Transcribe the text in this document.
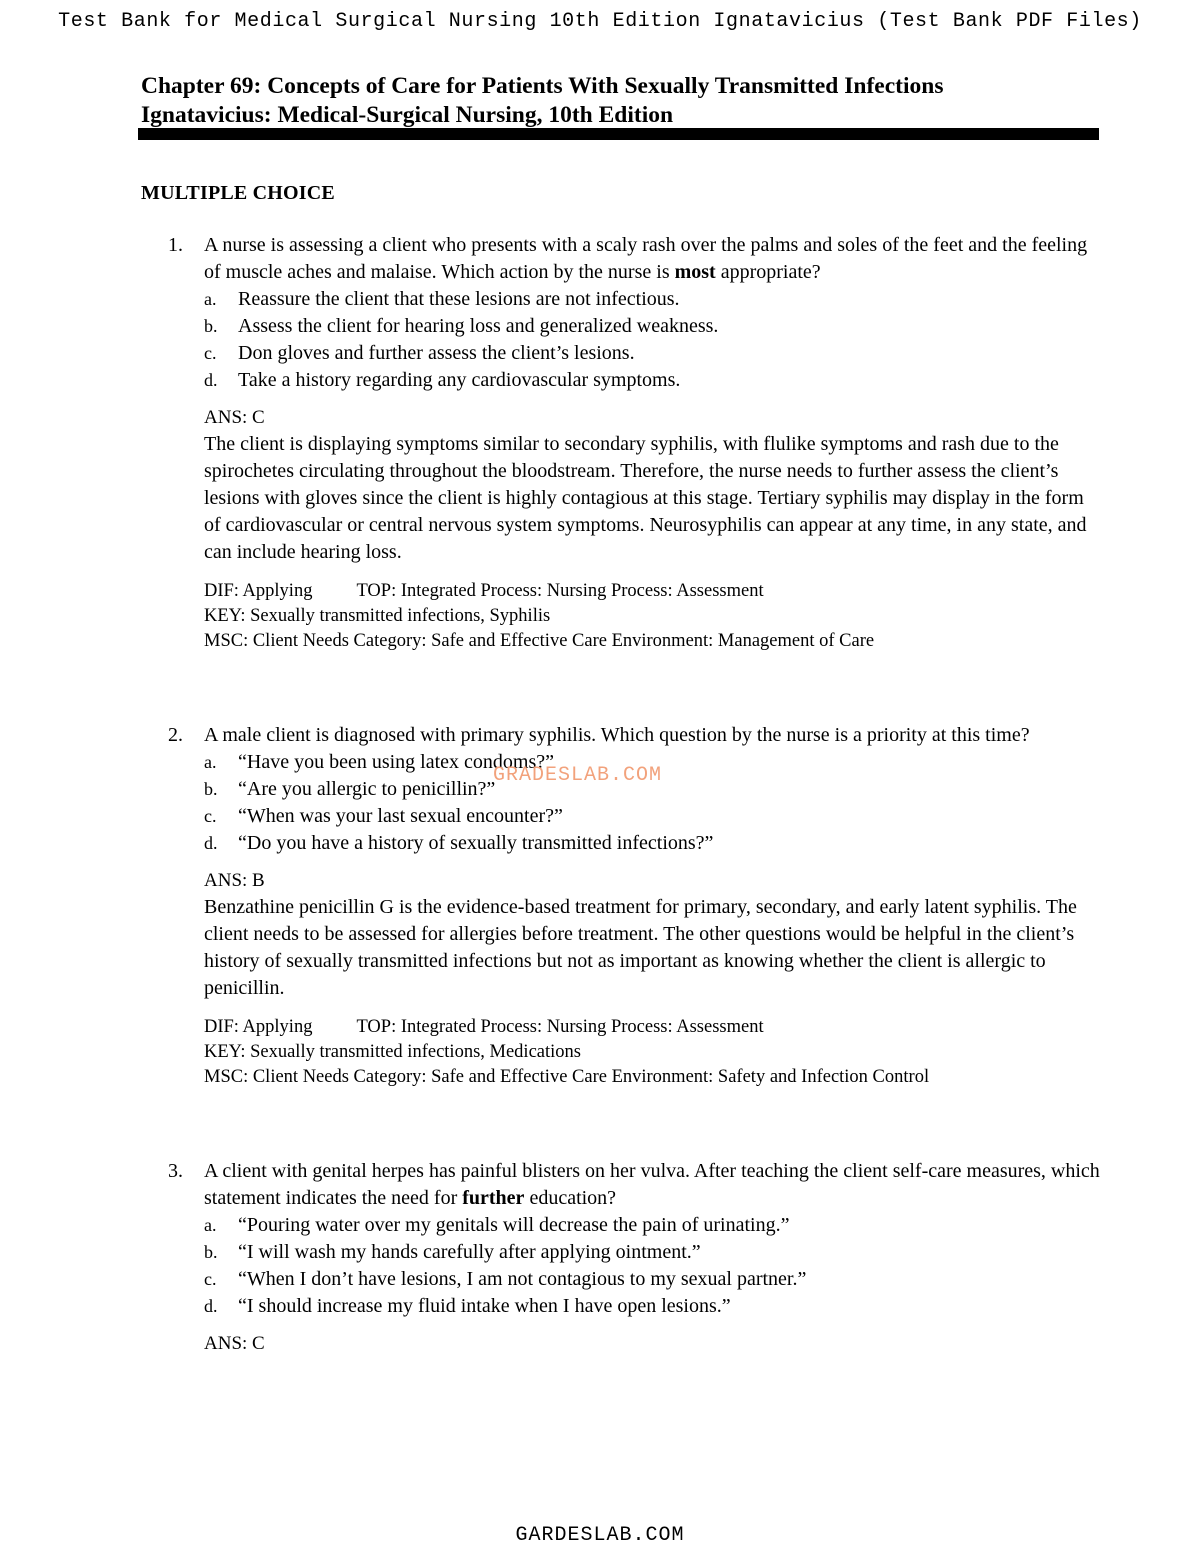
Test Bank for Medical Surgical Nursing 10th Edition Ignatavicius (Test Bank PDF Files)
Chapter 69: Concepts of Care for Patients With Sexually Transmitted Infections
Ignatavicius: Medical-Surgical Nursing, 10th Edition
MULTIPLE CHOICE
1.	A nurse is assessing a client who presents with a scaly rash over the palms and soles of the feet and the feeling of muscle aches and malaise. Which action by the nurse is most appropriate?
a.	Reassure the client that these lesions are not infectious.
b.	Assess the client for hearing loss and generalized weakness.
c.	Don gloves and further assess the client’s lesions.
d.	Take a history regarding any cardiovascular symptoms.
ANS: C
The client is displaying symptoms similar to secondary syphilis, with flulike symptoms and rash due to the spirochetes circulating throughout the bloodstream. Therefore, the nurse needs to further assess the client’s lesions with gloves since the client is highly contagious at this stage. Tertiary syphilis may display in the form of cardiovascular or central nervous system symptoms. Neurosyphilis can appear at any time, in any state, and can include hearing loss.
DIF: Applying TOP: Integrated Process: Nursing Process: Assessment
KEY: Sexually transmitted infections, Syphilis
MSC: Client Needs Category: Safe and Effective Care Environment: Management of Care
2.	A male client is diagnosed with primary syphilis. Which question by the nurse is a priority at this time?
a.	“Have you been using latex condoms?”
b.	“Are you allergic to penicillin?”
c.	“When was your last sexual encounter?”
d.	“Do you have a history of sexually transmitted infections?”
ANS: B
Benzathine penicillin G is the evidence-based treatment for primary, secondary, and early latent syphilis. The client needs to be assessed for allergies before treatment. The other questions would be helpful in the client’s history of sexually transmitted infections but not as important as knowing whether the client is allergic to penicillin.
DIF: Applying TOP: Integrated Process: Nursing Process: Assessment
KEY: Sexually transmitted infections, Medications
MSC: Client Needs Category: Safe and Effective Care Environment: Safety and Infection Control
3.	A client with genital herpes has painful blisters on her vulva. After teaching the client self-care measures, which statement indicates the need for further education?
a.	“Pouring water over my genitals will decrease the pain of urinating.”
b.	“I will wash my hands carefully after applying ointment.”
c.	“When I don’t have lesions, I am not contagious to my sexual partner.”
d.	“I should increase my fluid intake when I have open lesions.”
ANS: C
GRADESLAB.COM
GARDESLAB.COM
